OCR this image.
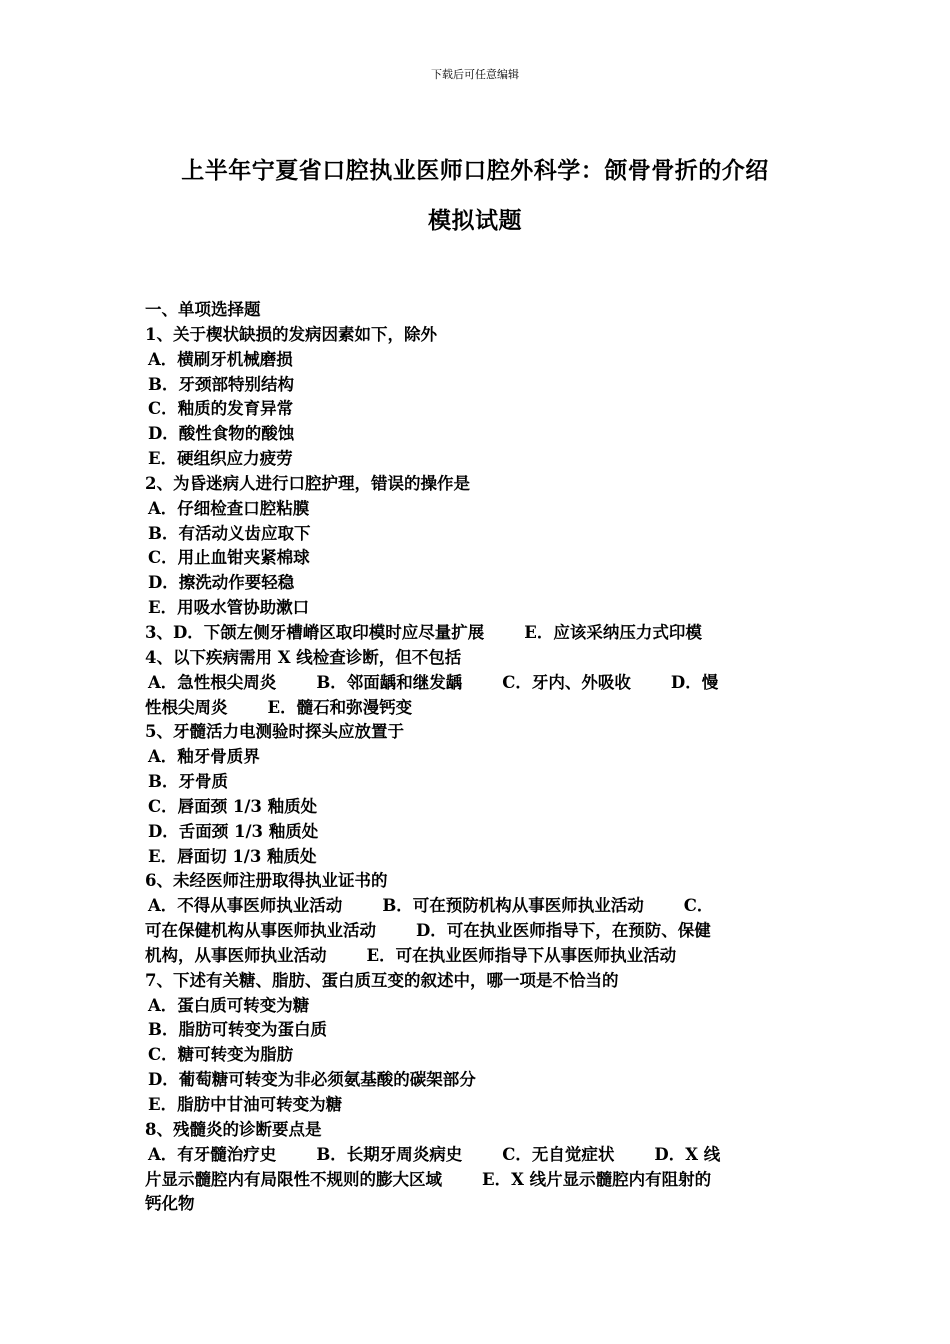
下载后可任意编辑
上半年宁夏省口腔执业医师口腔外科学：颌骨骨折的介绍
模拟试题
一、单项选择题
1、关于楔状缺损的发病因素如下，除外
A．横刷牙机械磨损
B．牙颈部特别结构
C．釉质的发育异常
D．酸性食物的酸蚀
E．硬组织应力疲劳
2、为昏迷病人进行口腔护理，错误的操作是
A．仔细检查口腔粘膜
B．有活动义齿应取下
C．用止血钳夹紧棉球
D．擦洗动作要轻稳
E．用吸水管协助漱口
3、D．下颌左侧牙槽嵴区取印模时应尽量扩展 E．应该采纳压力式印模
4、以下疾病需用 X 线检查诊断，但不包括
A．急性根尖周炎 B．邻面龋和继发龋 C．牙内、外吸收 D．慢
性根尖周炎 E．髓石和弥漫钙变
5、牙髓活力电测验时探头应放置于
A．釉牙骨质界
B．牙骨质
C．唇面颈 1/3 釉质处
D．舌面颈 1/3 釉质处
E．唇面切 1/3 釉质处
6、未经医师注册取得执业证书的
A．不得从事医师执业活动 B．可在预防机构从事医师执业活动 C．
可在保健机构从事医师执业活动 D．可在执业医师指导下，在预防、保健
机构，从事医师执业活动 E．可在执业医师指导下从事医师执业活动
7、下述有关糖、脂肪、蛋白质互变的叙述中，哪一项是不恰当的
A．蛋白质可转变为糖
B．脂肪可转变为蛋白质
C．糖可转变为脂肪
D．葡萄糖可转变为非必须氨基酸的碳架部分
E．脂肪中甘油可转变为糖
8、残髓炎的诊断要点是
A．有牙髓治疗史 B．长期牙周炎病史 C．无自觉症状 D．X 线
片显示髓腔内有局限性不规则的膨大区域 E．X 线片显示髓腔内有阻射的
钙化物
